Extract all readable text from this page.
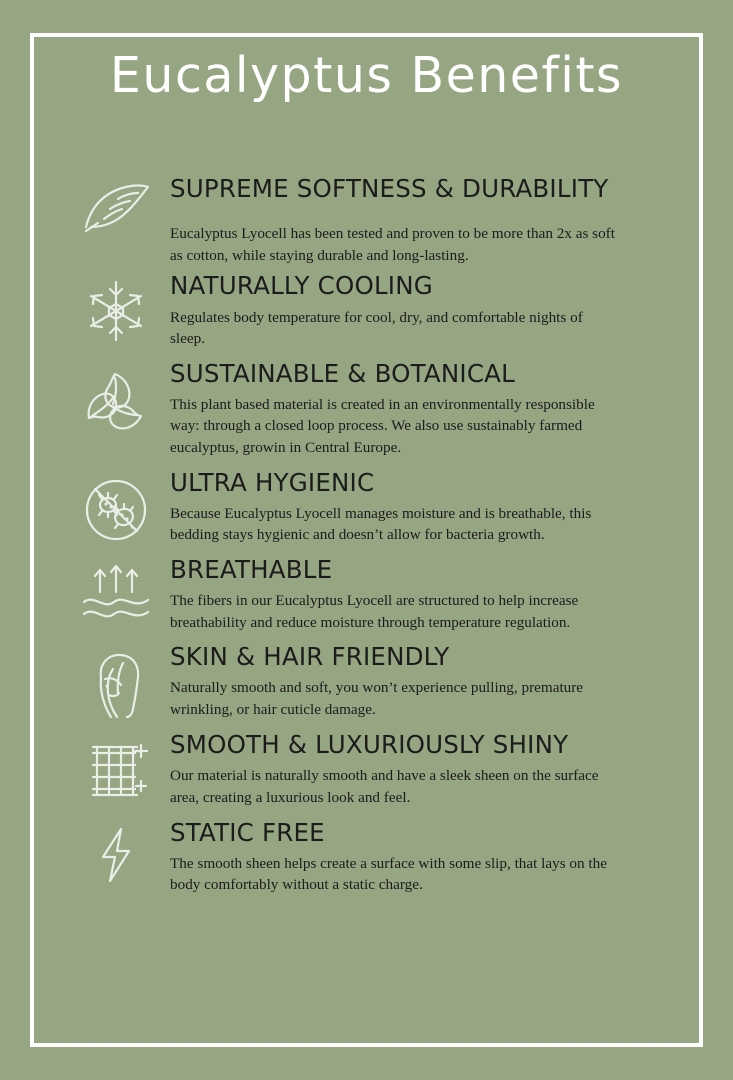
Eucalyptus Benefits
SUPREME SOFTNESS & DURABILITY
Eucalyptus Lyocell has been tested and proven to be more than 2x as soft as cotton, while staying durable and long-lasting.
NATURALLY COOLING
Regulates body temperature for cool, dry, and comfortable nights of sleep.
SUSTAINABLE & BOTANICAL
This plant based material is created in an environmentally responsible way: through a closed loop process. We also use sustainably farmed eucalyptus, growin in Central Europe.
ULTRA HYGIENIC
Because Eucalyptus Lyocell manages moisture and is breathable, this bedding stays hygienic and doesn’t allow for bacteria growth.
BREATHABLE
The fibers in our Eucalyptus Lyocell are structured to help increase breathability and reduce moisture through temperature regulation.
SKIN & HAIR FRIENDLY
Naturally smooth and soft, you won’t experience pulling, premature wrinkling, or hair cuticle damage.
SMOOTH & LUXURIOUSLY SHINY
Our material is naturally smooth and have a sleek sheen on the surface area, creating a luxurious look and feel.
STATIC FREE
The smooth sheen helps create a surface with some slip, that lays on the body comfortably without a static charge.
